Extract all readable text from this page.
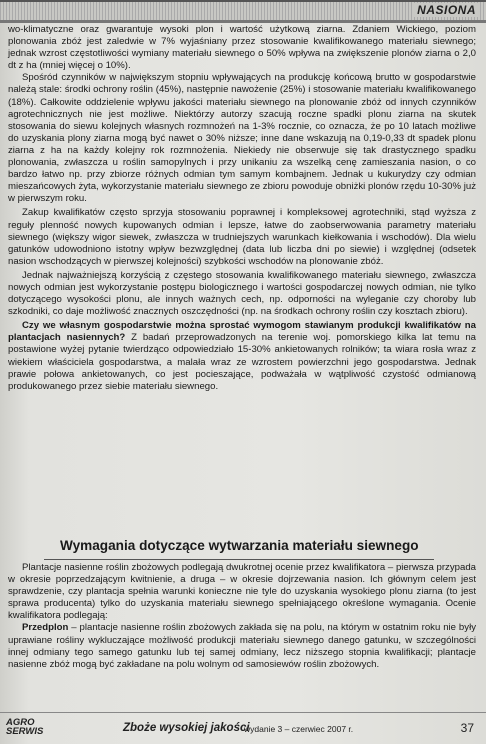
NASIONA

wo-klimatyczne oraz gwarantuje wysoki plon i wartość użytkową ziarna. Zdaniem Wickiego, poziom plonowania zbóż jest zaledwie w 7% wyjaśniany przez stosowanie kwalifikowanego materiału siewnego; jednak wzrost częstotliwości wymiany materiału siewnego o 50% wpływa na zwiększenie plonów ziarna o 2,0 dt z ha (mniej więcej o 10%).

Spośród czynników w największym stopniu wpływających na produkcję końcową brutto w gospodarstwie należą stale: środki ochrony roślin (45%), następnie nawożenie (25%) i stosowanie materiału kwalifikowanego (18%). Całkowite oddzielenie wpływu jakości materiału siewnego na plonowanie zbóż od innych czynników agrotechnicznych nie jest możliwe. Niektórzy autorzy szacują roczne spadki plonu ziarna na skutek stosowania do siewu kolejnych własnych rozmnożeń na 1-3% rocznie, co oznacza, że po 10 latach możliwe do uzyskania plony ziarna mogą być nawet o 30% niższe; inne dane wskazują na 0,19-0,33 dt spadek plonu ziarna z ha na każdy kolejny rok rozmnożenia. Niekiedy nie obserwuje się tak drastycznego spadku plonowania, zwłaszcza u roślin samopylnych i przy unikaniu za wszelką cenę zamieszania nasion, o co bardzo łatwo np. przy zbiorze różnych odmian tym samym kombajnem. Jednak u kukurydzy czy odmian mieszańcowych żyta, wykorzystanie materiału siewnego ze zbioru powoduje obniżki plonów rzędu 10-30% już w pierwszym roku.

Zakup kwalifikatów często sprzyja stosowaniu poprawnej i kompleksowej agrotechniki, stąd wyższa z reguły plenność nowych kupowanych odmian i lepsze, łatwe do zaobserwowania parametry materiału siewnego (większy wigor siewek, zwłaszcza w trudniejszych warunkach kiełkowania i wschodów). Dla wielu gatunków udowodniono istotny wpływ bezwzględnej (data lub liczba dni po siewie) i względnej (odsetek nasion wschodzących w pierwszej kolejności) szybkości wschodów na plonowanie zbóż.

Jednak najważniejszą korzyścią z częstego stosowania kwalifikowanego materiału siewnego, zwłaszcza nowych odmian jest wykorzystanie postępu biologicznego i wartości gospodarczej nowych odmian, nie tylko dotyczącego wysokości plonu, ale innych ważnych cech, np. odporności na wyleganie czy choroby lub szkodniki, co daje możliwość znacznych oszczędności (np. na środkach ochrony roślin czy kosztach zbioru).

Czy we własnym gospodarstwie można sprostać wymogom stawianym produkcji kwalifikatów na plantacjach nasiennych? Z badań przeprowadzonych na terenie woj. pomorskiego kilka lat temu na postawione wyżej pytanie twierdząco odpowiedziało 15-30% ankietowanych rolników; ta wiara rosła wraz z wiekiem właściciela gospodarstwa, a malała wraz ze wzrostem powierzchni jego gospodarstwa. Jednak prawie połowa ankietowanych, co jest pocieszające, podważała w wątpliwość czystość odmianową produkowanego przez siebie materiału siewnego.

Wymagania dotyczące wytwarzania materiału siewnego

Plantacje nasienne roślin zbożowych podlegają dwukrotnej ocenie przez kwalifikatora – pierwsza przypada w okresie poprzedzającym kwitnienie, a druga – w okresie dojrzewania nasion. Ich głównym celem jest sprawdzenie, czy plantacja spełnia warunki konieczne nie tyle do uzyskania wysokiego plonu ziarna (to jest sprawa producenta) tylko do uzyskania materiału siewnego spełniającego określone wymagania. Ocenie kwalifikatora podlegają:

Przedplon – plantacje nasienne roślin zbożowych zakłada się na polu, na którym w ostatnim roku nie były uprawiane rośliny wykluczające możliwość produkcji materiału siewnego danego gatunku, w szczególności innej odmiany tego samego gatunku lub tej samej odmiany, lecz niższego stopnia kwalifikacji; plantacje nasienne zbóż mogą być zakładane na polu wolnym od samosiewów roślin zbożowych.

AGRO
SERWIS	Zboże wysokiej jakości
wydanie 3 – czerwiec 2007 r.	37
